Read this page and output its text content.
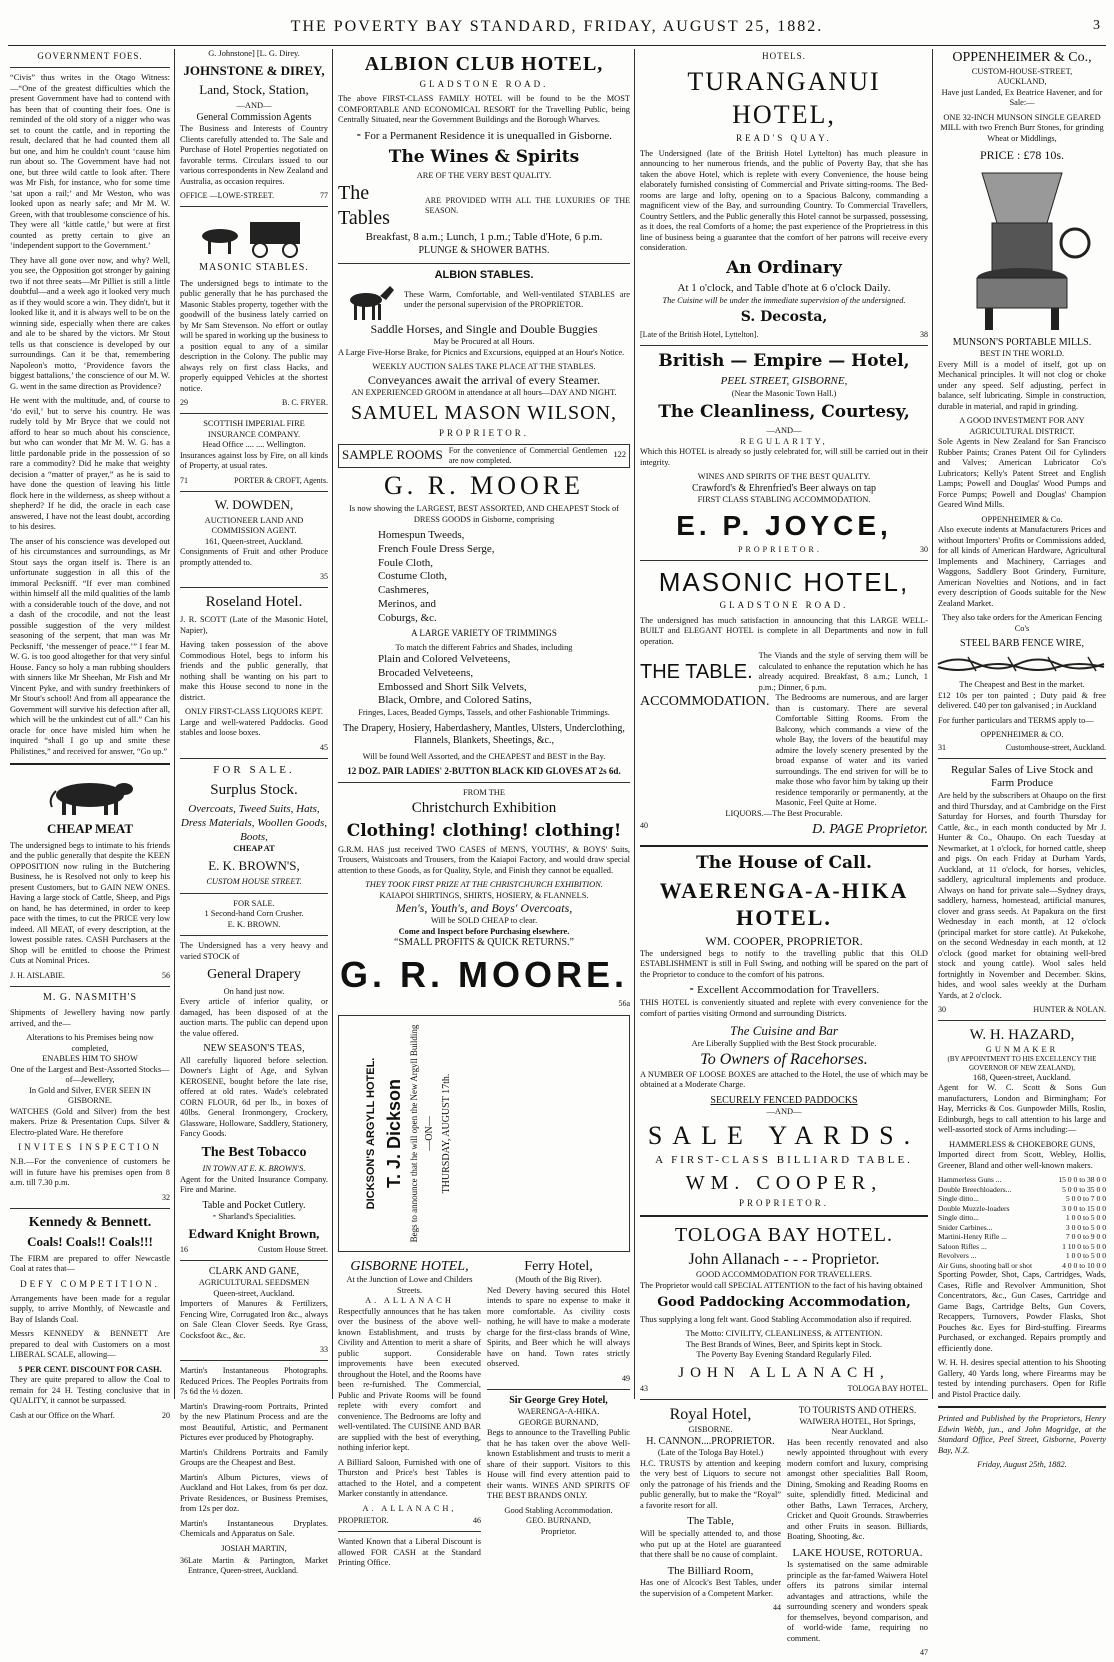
THE POVERTY BAY STANDARD, FRIDAY, AUGUST 25, 1882.	3
GOVERNMENT FOES.

“Civis” thus writes in the Otago Witness:—“One of the greatest difficulties which the present Government have had to contend with has been that of counting their foes. One is reminded of the old story of a nigger who was set to count the cattle, and in reporting the result, declared that he had counted them all but one, and him he couldn't count ‘cause him run about so. The Government have had not one, but three wild cattle to look after. There was Mr Fish, for instance, who for some time ‘sat upon a rail;’ and Mr Weston, who was looked upon as nearly safe; and Mr M. W. Green, with that troublesome conscience of his. They were all ‘kittle cattle,’ but were at first counted as pretty certain to give an ‘independent support to the Government.’

They have all gone over now, and why? Well, you see, the Opposition got stronger by gaining two if not three seats—Mr Pilliet is still a little doubtful—and a week ago it looked very much as if they would score a win. They didn't, but it looked like it, and it is always well to be on the winning side, especially when there are cakes and ale to be shared by the victors. Mr Stout tells us that conscience is developed by our surroundings. Can it be that, remembering Napoleon's motto, ‘Providence favors the biggest battalions,’ the conscience of our M. W. G. went in the same direction as Providence?

He went with the multitude, and, of course to ‘do evil,’ but to serve his country. He was rudely told by Mr Bryce that we could not afford to hear so much about his conscience, but who can wonder that Mr M. W. G. has a little pardonable pride in the possession of so rare a commodity? Did he make that weighty decision a “matter of prayer,” as he is said to have done the question of leaving his little flock here in the wilderness, as sheep without a shepherd? If he did, the oracle in each case answered, I have not the least doubt, according to his desires.

The anser of his conscience was developed out of his circumstances and surroundings, as Mr Stout says the organ itself is. There is an unfortunate suggestion in all this of the immoral Pecksniff. “If ever man combined within himself all the mild qualities of the lamb with a considerable touch of the dove, and not a dash of the crocodile, and not the least possible suggestion of the very mildest seasoning of the serpent, that man was Mr Pecksniff, ‘the messenger of peace.’” I fear M. W. G. is too good altogether for that very sinful House. Fancy so holy a man rubbing shoulders with sinners like Mr Sheehan, Mr Fish and Mr Vincent Pyke, and with sundry freethinkers of Mr Stout's school! And from all appearance the Government will survive his defection after all, which will be the unkindest cut of all.” Can his oracle for once have misled him when he inquired “shall I go up and smite these Philistines,” and received for answer, “Go up.”

CHEAP MEAT

The undersigned begs to intimate to his friends and the public generally that despite the KEEN OPPOSITION now ruling in the Butchering Business, he is Resolved not only to keep his present Customers, but to GAIN NEW ONES. Having a large stock of Cattle, Sheep, and Pigs on hand, he has determined, in order to keep pace with the times, to cut the PRICE very low indeed. All MEAT, of every description, at the lowest possible rates. CASH Purchasers at the Shop will be entitled to choose the Primest Cuts at Nominal Prices.

J. H. AISLABIE.	56
M. G. NASMITH'S

Shipments of Jewellery having now partly arrived, and the—

Alterations to his Premises being now completed,
ENABLES HIM TO SHOW
One of the Largest and Best-Assorted Stocks—of—Jewellery,
In Gold and Silver, EVER SEEN IN GISBORNE.

WATCHES (Gold and Silver) from the best makers. Prize & Presentation Cups. Silver & Electro-plated Ware. He therefore

INVITES INSPECTION

N.B.—For the convenience of customers he will in future have his premises open from 8 a.m. till 7.30 p.m.

32
Kennedy & Bennett.
Coals! Coals!! Coals!!!

The FIRM are prepared to offer Newcastle Coal at rates that—

DEFY COMPETITION.

Arrangements have been made for a regular supply, to arrive Monthly, of Newcastle and Bay of Islands Coal.

Messrs KENNEDY & BENNETT Are prepared to deal with Customers on a most LIBERAL SCALE, allowing—

5 PER CENT. DISCOUNT FOR CASH.

They are quite prepared to allow the Coal to remain for 24 H. Testing conclusive that in QUALITY, it cannot be surpassed.

Cash at our Office on the Wharf.	20
G. Johnstone] [L. G. Direy.
JOHNSTONE & DIREY,
Land, Stock, Station,
—AND—
General Commission Agents

The Business and Interests of Country Clients carefully attended to. The Sale and Purchase of Hotel Properties negotiated on favorable terms. Circulars issued to our various correspondents in New Zealand and Australia, as occasion requires.

OFFICE —LOWE-STREET.	77
MASONIC STABLES.

The undersigned begs to intimate to the public generally that he has purchased the Masonic Stables property, together with the goodwill of the business lately carried on by Mr Sam Stevenson. No effort or outlay will be spared in working up the business to a position equal to any of a similar description in the Colony. The public may always rely on first class Hacks, and properly equipped Vehicles at the shortest notice.

29	B. C. FRYER.
SCOTTISH IMPERIAL FIRE INSURANCE COMPANY.
Head Office .... .... Wellington.

Insurances against loss by Fire, on all kinds of Property, at usual rates.

71	PORTER & CROFT, Agents.
W. DOWDEN,
AUCTIONEER LAND AND COMMISSION AGENT.
161, Queen-street, Auckland.

Consignments of Fruit and other Produce promptly attended to.

35
Roseland Hotel.

J. R. SCOTT (Late of the Masonic Hotel, Napier),

Having taken possession of the above Commodious Hotel, begs to inform his friends and the public generally, that nothing shall be wanting on his part to make this House second to none in the district.

ONLY FIRST-CLASS LIQUORS KEPT.

Large and well-watered Paddocks. Good stables and loose boxes.

45
FOR SALE.
Surplus Stock.
Overcoats, Tweed Suits, Hats, Dress Materials, Woollen Goods, Boots,
CHEAP AT
E. K. BROWN'S,
CUSTOM HOUSE STREET.
FOR SALE.
1 Second-hand Corn Crusher.
E. K. BROWN.

The Undersigned has a very heavy and varied STOCK of

General Drapery
On hand just now.

Every article of inferior quality, or damaged, has been disposed of at the auction marts. The public can depend upon the value offered.

NEW SEASON'S TEAS,

All carefully liquored before selection. Downer's Light of Age, and Sylvan KEROSENE, bought before the late rise, offered at old rates. Wade's celebrated CORN FLOUR, 6d per lb., in boxes of 40lbs. General Ironmongery, Crockery, Glassware, Holloware, Saddlery, Stationery, Fancy Goods.

The Best Tobacco
IN TOWN AT E. K. BROWN'S.

Agent for the United Insurance Company. Fire and Marine.

Table and Pocket Cutlery.
⁃ Sharland's Specialities.
Edward Knight Brown,
16	Custom House Street.
CLARK AND GANE,
AGRICULTURAL SEEDSMEN
Queen-street, Auckland.

Importers of Manures & Fertilizers, Fencing Wire, Corrugated Iron &c., always on Sale Clean Clover Seeds. Rye Grass, Cocksfoot &c., &c.

33

Martin's Instantaneous Photographs. Reduced Prices. The Peoples Portraits from 7s 6d the ½ dozen.

Martin's Drawing-room Portraits, Printed by the new Platinum Process and are the most Beautiful, Artistic, and Permanent Pictures ever produced by Photography.

Martin's Childrens Portraits and Family Groups are the Cheapest and Best.

Martin's Album Pictures, views of Auckland and Hot Lakes, from 6s per doz. Private Residences, or Business Premises, from 12s per doz.

Martin's Instantaneous Dryplates. Chemicals and Apparatus on Sale.

JOSIAH MARTIN,
36 Late Martin & Partington, Market Entrance, Queen-street, Auckland.
ALBION CLUB HOTEL,
GLADSTONE ROAD.

The above FIRST-CLASS FAMILY HOTEL will be found to be the MOST COMFORTABLE AND ECONOMICAL RESORT for the Travelling Public, being Centrally Situated, near the Government Buildings and the Borough Wharves.

⁃ For a Permanent Residence it is unequalled in Gisborne.
The Wines & Spirits
ARE OF THE VERY BEST QUALITY.
The Tables
ARE PROVIDED WITH ALL THE LUXURIES OF THE SEASON.
Breakfast, 8 a.m.; Lunch, 1 p.m.; Table d'Hote, 6 p.m.
PLUNGE & SHOWER BATHS.
ALBION STABLES.

These Warm, Comfortable, and Well-ventilated STABLES are under the personal supervision of the PROPRIETOR.

Saddle Horses, and Single and Double Buggies
May be Procured at all Hours.

A Large Five-Horse Brake, for Picnics and Excursions, equipped at an Hour's Notice.

WEEKLY AUCTION SALES TAKE PLACE AT THE STABLES.
Conveyances await the arrival of every Steamer.
AN EXPERIENCED GROOM in attendance at all hours—DAY AND NIGHT.
SAMUEL MASON WILSON,
PROPRIETOR.
SAMPLE ROOMS For the convenience of Commercial Gentlemen are now completed.
122
G. R. MOORE

Is now showing the LARGEST, BEST ASSORTED, AND CHEAPEST Stock of DRESS GOODS in Gisborne, comprising

Homespun Tweeds,
French Foule Dress Serge,
Foule Cloth,
Costume Cloth,
Cashmeres,
Merinos, and
Coburgs, &c.
A LARGE VARIETY OF TRIMMINGS
To match the different Fabrics and Shades, including
Plain and Colored Velveteens,
Brocaded Velveteens,
Embossed and Short Silk Velvets,
Black, Ombre, and Colored Satins,

Fringes, Laces, Beaded Gymps, Tassels, and other Fashionable Trimmings.

The Drapery, Hosiery, Haberdashery, Mantles, Ulsters, Underclothing, Flannels, Blankets, Sheetings, &c.,

Will be found Well Assorted, and the CHEAPEST and BEST in the Bay.

12 DOZ. PAIR LADIES' 2-BUTTON BLACK KID GLOVES AT 2s 6d.
FROM THE
Christchurch Exhibition
Clothing! clothing! clothing!

G.R.M. HAS just received TWO CASES of MEN'S, YOUTHS', & BOYS' Suits, Trousers, Waistcoats and Trousers, from the Kaiapoi Factory, and would draw special attention to these Goods, as for Quality, Style, and Finish they cannot be equalled.

THEY TOOK FIRST PRIZE AT THE CHRISTCHURCH EXHIBITION.
KAIAPOI SHIRTINGS, SHIRTS, HOSIERY, & FLANNELS.
Men's, Youth's, and Boys' Overcoats,
Will be SOLD CHEAP to clear.
Come and Inspect before Purchasing elsewhere.
“SMALL PROFITS & QUICK RETURNS.”
G. R. MOORE.
56a
DICKSON'S ARGYLL HOTEL. T. J. Dickson Begs to announce that he will open the New Argyll Building —ON— THURSDAY, AUGUST 17th.
GISBORNE HOTEL,
At the Junction of Lowe and Childers Streets.
A. ALLANACH

Respectfully announces that he has taken over the business of the above well-known Establishment, and trusts by Civility and Attention to merit a share of public support. Considerable improvements have been executed throughout the Hotel, and the Rooms have been re-furnished. The Commercial, Public and Private Rooms will be found replete with every comfort and convenience. The Bedrooms are lofty and well-ventilated. The CUISINE AND BAR are supplied with the best of everything, nothing inferior kept.

A Billiard Saloon, Furnished with one of Thurston and Price's best Tables is attached to the Hotel, and a competent Marker constantly in attendance.

A. ALLANACH,
PROPRIETOR.	46

Wanted Known that a Liberal Discount is allowed FOR CASH at the Standard Printing Office.

Ferry Hotel,
(Mouth of the Big River).

Ned Devery having secured this Hotel intends to spare no expense to make it more comfortable. As civility costs nothing, he will have to make a moderate charge for the first-class brands of Wine, Spirits, and Beer which he will always have on hand. Town rates strictly observed.

49
Sir George Grey Hotel,
WAERENGA-A-HIKA.
GEORGE BURNAND,

Begs to announce to the Travelling Public that he has taken over the above Well-known Establishment and trusts to merit a share of their support. Visitors to this House will find every attention paid to their wants. WINES AND SPIRITS OF THE BEST BRANDS ONLY.

Good Stabling Accommodation.
GEO. BURNAND,
Proprietor.
HOTELS.
TURANGANUI HOTEL,
READ'S QUAY.

The Undersigned (late of the British Hotel Lyttelton) has much pleasure in announcing to her numerous friends, and the public of Poverty Bay, that she has taken the above Hotel, which is replete with every Convenience, the house being elaborately furnished consisting of Commercial and Private sitting-rooms. The Bed-rooms are large and lofty, opening on to a Spacious Balcony, commanding a magnificent view of the Bay, and surrounding Country. To Commercial Travellers, Country Settlers, and the Public generally this Hotel cannot be surpassed, possessing, as it does, the real Comforts of a home; the past experience of the Proprietress in this line of business being a guarantee that the comfort of her patrons will receive every consideration.

An Ordinary
At 1 o'clock, and Table d'hote at 6 o'clock Daily.
The Cuisine will be under the immediate supervision of the undersigned.
S. Decosta,
[Late of the British Hotel, Lyttelton].	38
British — Empire — Hotel,
PEEL STREET, GISBORNE,
(Near the Masonic Town Hall.)
The Cleanliness, Courtesy,
—AND—
REGULARITY,

Which this HOTEL is already so justly celebrated for, will still be carried out in their integrity.

WINES AND SPIRITS OF THE BEST QUALITY.
Crawford's & Ehrenfried's Beer always on tap
FIRST CLASS STABLING ACCOMMODATION.
E. P. JOYCE,
PROPRIETOR.	30
MASONIC HOTEL,
GLADSTONE ROAD.

The undersigned has much satisfaction in announcing that this LARGE WELL-BUILT and ELEGANT HOTEL is complete in all Departments and now in full operation.

THE TABLE.
The Viands and the style of serving them will be calculated to enhance the reputation which he has already acquired. Breakfast, 8 a.m.; Lunch, 1 p.m.; Dinner, 6 p.m.
ACCOMMODATION. The Bedrooms are numerous, and are larger than is customary. There are several Comfortable Sitting Rooms. From the Balcony, which commands a view of the whole Bay, the lovers of the beautiful may admire the lovely scenery presented by the broad expanse of water and its varied surroundings. The end striven for will be to make those who favor him by taking up their residence temporarily or permanently, at the Masonic, Feel Quite at Home.
LIQUORS.—The Best Procurable.
40	D. PAGE Proprietor.
The House of Call.
WAERENGA-A-HIKA HOTEL.
WM. COOPER, PROPRIETOR.

The undersigned begs to notify to the travelling public that this OLD ESTABLISHMENT is still in Full Swing, and nothing will be spared on the part of the Proprietor to conduce to the comfort of his patrons.

⁃ Excellent Accommodation for Travellers.

THIS HOTEL is conveniently situated and replete with every convenience for the comfort of parties visiting Ormond and surrounding Districts.

The Cuisine and Bar
Are Liberally Supplied with the Best Stock procurable.
To Owners of Racehorses.

A NUMBER OF LOOSE BOXES are attached to the Hotel, the use of which may be obtained at a Moderate Charge.

SECURELY FENCED PADDOCKS
—AND—
SALE YARDS.
A FIRST-CLASS BILLIARD TABLE.
WM. COOPER,
PROPRIETOR.
TOLOGA BAY HOTEL.
John Allanach - - - Proprietor.
GOOD ACCOMMODATION FOR TRAVELLERS.

The Proprietor would call SPECIAL ATTENTION to the fact of his having obtained

Good Paddocking Accommodation,

Thus supplying a long felt want. Good Stabling Accommodation also if required.

The Motto: CIVILITY, CLEANLINESS, & ATTENTION.
The Best Brands of Wines, Beer, and Spirits kept in Stock.
The Poverty Bay Evening Standard Regularly Filed.
JOHN ALLANACH,
43	TOLOGA BAY HOTEL.
Royal Hotel,
GISBORNE.
H. CANNON....PROPRIETOR.
(Late of the Tologa Bay Hotel.)

H.C. TRUSTS by attention and keeping the very best of Liquors to secure not only the patronage of his friends and the public generally, but to make the “Royal” a favorite resort for all.

The Table,

Will be specially attended to, and those who put up at the Hotel are guaranteed that there shall be no cause of complaint.

The Billiard Room,

Has one of Alcock's Best Tables, under the supervision of a Competent Marker.

44
TO TOURISTS AND OTHERS.
WAIWERA HOTEL, Hot Springs,
Near Auckland.

Has been recently renovated and also newly appointed throughout with every modern comfort and luxury, comprising amongst other specialities Ball Room, Dining, Smoking and Reading Rooms en suite, splendidly fitted. Medicinal and other Baths, Lawn Terraces, Archery, Cricket and Quoit Grounds. Strawberries and other Fruits in season. Billiards, Boating, Shooting, &c.

LAKE HOUSE, ROTORUA.

Is systematised on the same admirable principle as the far-famed Waiwera Hotel offers its patrons similar internal advantages and attractions, while the surrounding scenery and wonders speak for themselves, beyond comparison, and of world-wide fame, requiring no comment.

47
OPPENHEIMER & Co.,
CUSTOM-HOUSE-STREET,
AUCKLAND,

Have just Landed, Ex Beatrice Havener, and for Sale:—

ONE 32-INCH MUNSON SINGLE GEARED MILL with two French Burr Stones, for grinding Wheat or Middlings,

PRICE : £78 10s.
MUNSON'S PORTABLE MILLS.
BEST IN THE WORLD.

Every Mill is a model of itself, got up on Mechanical principles. It will not clog or choke under any speed. Self adjusting, perfect in balance, self lubricating. Simple in construction, durable in material, and rapid in grinding.

A GOOD INVESTMENT FOR ANY AGRICULTURAL DISTRICT.

Sole Agents in New Zealand for San Francisco Rubber Paints; Cranes Patent Oil for Cylinders and Valves; American Lubricator Co's Lubricators; Kelly's Patent Street and English Lamps; Powell and Douglas' Wood Pumps and Force Pumps; Powell and Douglas' Champion Geared Wind Mills.

OPPENHEIMER & Co.

Also execute indents at Manufacturers Prices and without Importers' Profits or Commissions added, for all kinds of American Hardware, Agricultural Implements and Machinery, Carriages and Waggons, Saddlery Boot Grindery, Furniture, American Novelties and Notions, and in fact every description of Goods suitable for the New Zealand Market.

They also take orders for the American Fencing Co's

STEEL BARB FENCE WIRE,
The Cheapest and Best in the market.

£12 10s per ton painted ; Duty paid & free delivered. £40 per ton galvanised ; in Auckland

For further particulars and TERMS apply to—

OPPENHEIMER & CO.
31	Customhouse-street, Auckland.
Regular Sales of Live Stock and Farm Produce

Are held by the subscribers at Ohaupo on the first and third Thursday, and at Cambridge on the First Saturday for Horses, and fourth Thursday for Cattle, &c., in each month conducted by Mr J. Hunter & Co., Ohaupo. On each Tuesday at Newmarket, at 1 o'clock, for horned cattle, sheep and pigs. On each Friday at Durham Yards, Auckland, at 11 o'clock, for horses, vehicles, saddlery, agricultural implements and produce. Always on hand for private sale—Sydney drays, saddlery, harness, homestead, artificial manures, clover and grass seeds. At Papakura on the first Wednesday in each month, at 12 o'clock (principal market for store cattle). At Pukekohe, on the second Wednesday in each month, at 12 o'clock (good market for obtaining well-bred stock and young cattle). Wool sales held fortnightly in November and December. Skins, hides, and wool sales weekly at the Durham Yards, at 2 o'clock.

30	HUNTER & NOLAN.
W. H. HAZARD,
GUNMAKER
(BY APPOINTMENT TO HIS EXCELLENCY THE GOVERNOR OF NEW ZEALAND),
168, Queen-street, Auckland.

Agent for W. C. Scott & Sons Gun manufacturers, London and Birmingham; For Hay, Merricks & Cos. Gunpowder Mills, Roslin, Edinburgh, begs to call attention to his large and well-assorted stock of Arms including:—

HAMMERLESS & CHOKEBORE GUNS,

Imported direct from Scott, Webley, Hollis, Greener, Bland and other well-known makers.

Hammerless Guns ...	15 0 0 to 38 0 0
Double Breechloaders...	5 0 0 to 35 0 0
Single ditto...	5 0 0 to 7 0 0
Double Muzzle-loaders	3 0 0 to 15 0 0
Single ditto...	1 0 0 to 5 0 0
Snider Carbines...	3 0 0 to 5 0 0
Martini-Henry Rifle ...	7 0 0 to 9 0 0
Saloon Rifles ...	1 10 0 to 5 0 0
Revolvers ...	1 0 0 to 5 0 0
Air Guns, shooting ball or shot	4 0 0 to 10 0 0

Sporting Powder, Shot, Caps, Cartridges, Wads, Cases, Rifle and Revolver Ammunition, Shot Concentrators, &c., Gun Cases, Cartridge and Game Bags, Cartridge Belts, Gun Covers, Recappers, Turnovers, Powder Flasks, Shot Pouches &c. Eyes for Bird-stuffing. Firearms Purchased, or exchanged. Repairs promptly and efficiently done.

W. H. H. desires special attention to his Shooting Gallery, 40 Yards long, where Firearms may be tested by intending purchasers. Open for Rifle and Pistol Practice daily.

Printed and Published by the Proprietors, Henry Edwin Webb, jun., and John Mogridge, at the Standard Office, Peel Street, Gisborne, Poverty Bay, N.Z.

Friday, August 25th, 1882.
